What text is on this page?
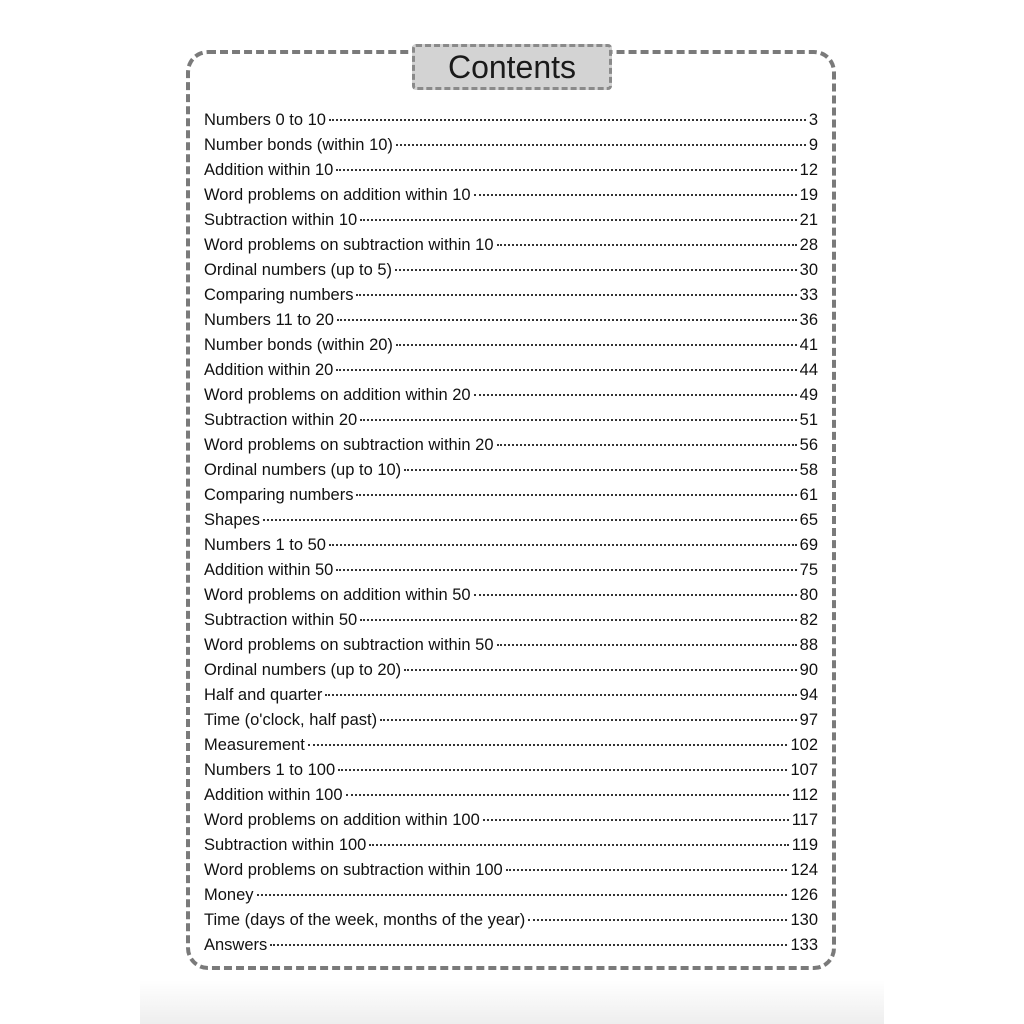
Contents
Numbers 0 to 10	3
Number bonds (within 10)	9
Addition within 10	12
Word problems on addition within 10	19
Subtraction within 10	21
Word problems on subtraction within 10	28
Ordinal numbers (up to 5)	30
Comparing numbers	33
Numbers 11 to 20	36
Number bonds (within 20)	41
Addition within 20	44
Word problems on addition within 20	49
Subtraction within 20	51
Word problems on subtraction within 20	56
Ordinal numbers (up to 10)	58
Comparing numbers	61
Shapes	65
Numbers 1 to 50	69
Addition within 50	75
Word problems on addition within 50	80
Subtraction within 50	82
Word problems on subtraction within 50	88
Ordinal numbers (up to 20)	90
Half and quarter	94
Time (o'clock, half past)	97
Measurement	102
Numbers 1 to 100	107
Addition within 100	112
Word problems on addition within 100	117
Subtraction within 100	119
Word problems on subtraction within 100	124
Money	126
Time (days of the week, months of the year)	130
Answers	133
